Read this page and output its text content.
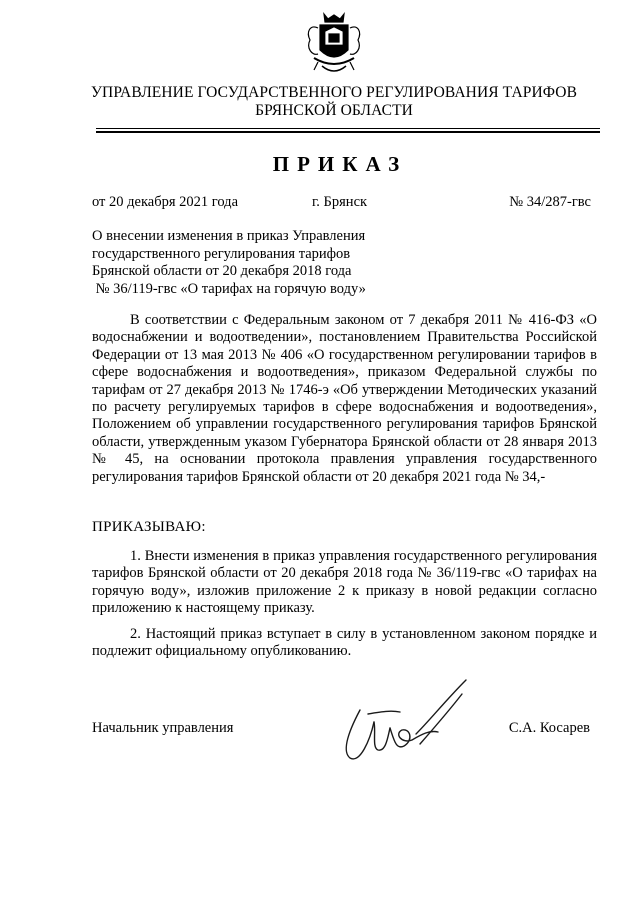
УПРАВЛЕНИЕ ГОСУДАРСТВЕННОГО РЕГУЛИРОВАНИЯ ТАРИФОВ
БРЯНСКОЙ ОБЛАСТИ
ПРИКАЗ
от 20 декабря 2021 года	г. Брянск	№ 34/287-гвс
О внесении изменения в приказ Управления
государственного регулирования тарифов
Брянской области от 20 декабря 2018 года
№ 36/119-гвс «О тарифах на горячую воду»

В соответствии с Федеральным законом от 7 декабря 2011 № 416-ФЗ «О водоснабжении и водоотведении», постановлением Правительства Российской Федерации от 13 мая 2013 № 406 «О государственном регулировании тарифов в сфере водоснабжения и водоотведения», приказом Федеральной службы по тарифам от 27 декабря 2013 № 1746-э «Об утверждении Методических указаний по расчету регулируемых тарифов в сфере водоснабжения и водоотведения», Положением об управлении государственного регулирования тарифов Брянской области, утвержденным указом Губернатора Брянской области от 28 января 2013 № 45, на основании протокола правления управления государственного регулирования тарифов Брянской области от 20 декабря 2021 года № 34,-

ПРИКАЗЫВАЮ:

1. Внести изменения в приказ управления государственного регулирования тарифов Брянской области от 20 декабря 2018 года № 36/119-гвс «О тарифах на горячую воду», изложив приложение 2 к приказу в новой редакции согласно приложению к настоящему приказу.

2. Настоящий приказ вступает в силу в установленном законом порядке и подлежит официальному опубликованию.

Начальник управления	С.А. Косарев
